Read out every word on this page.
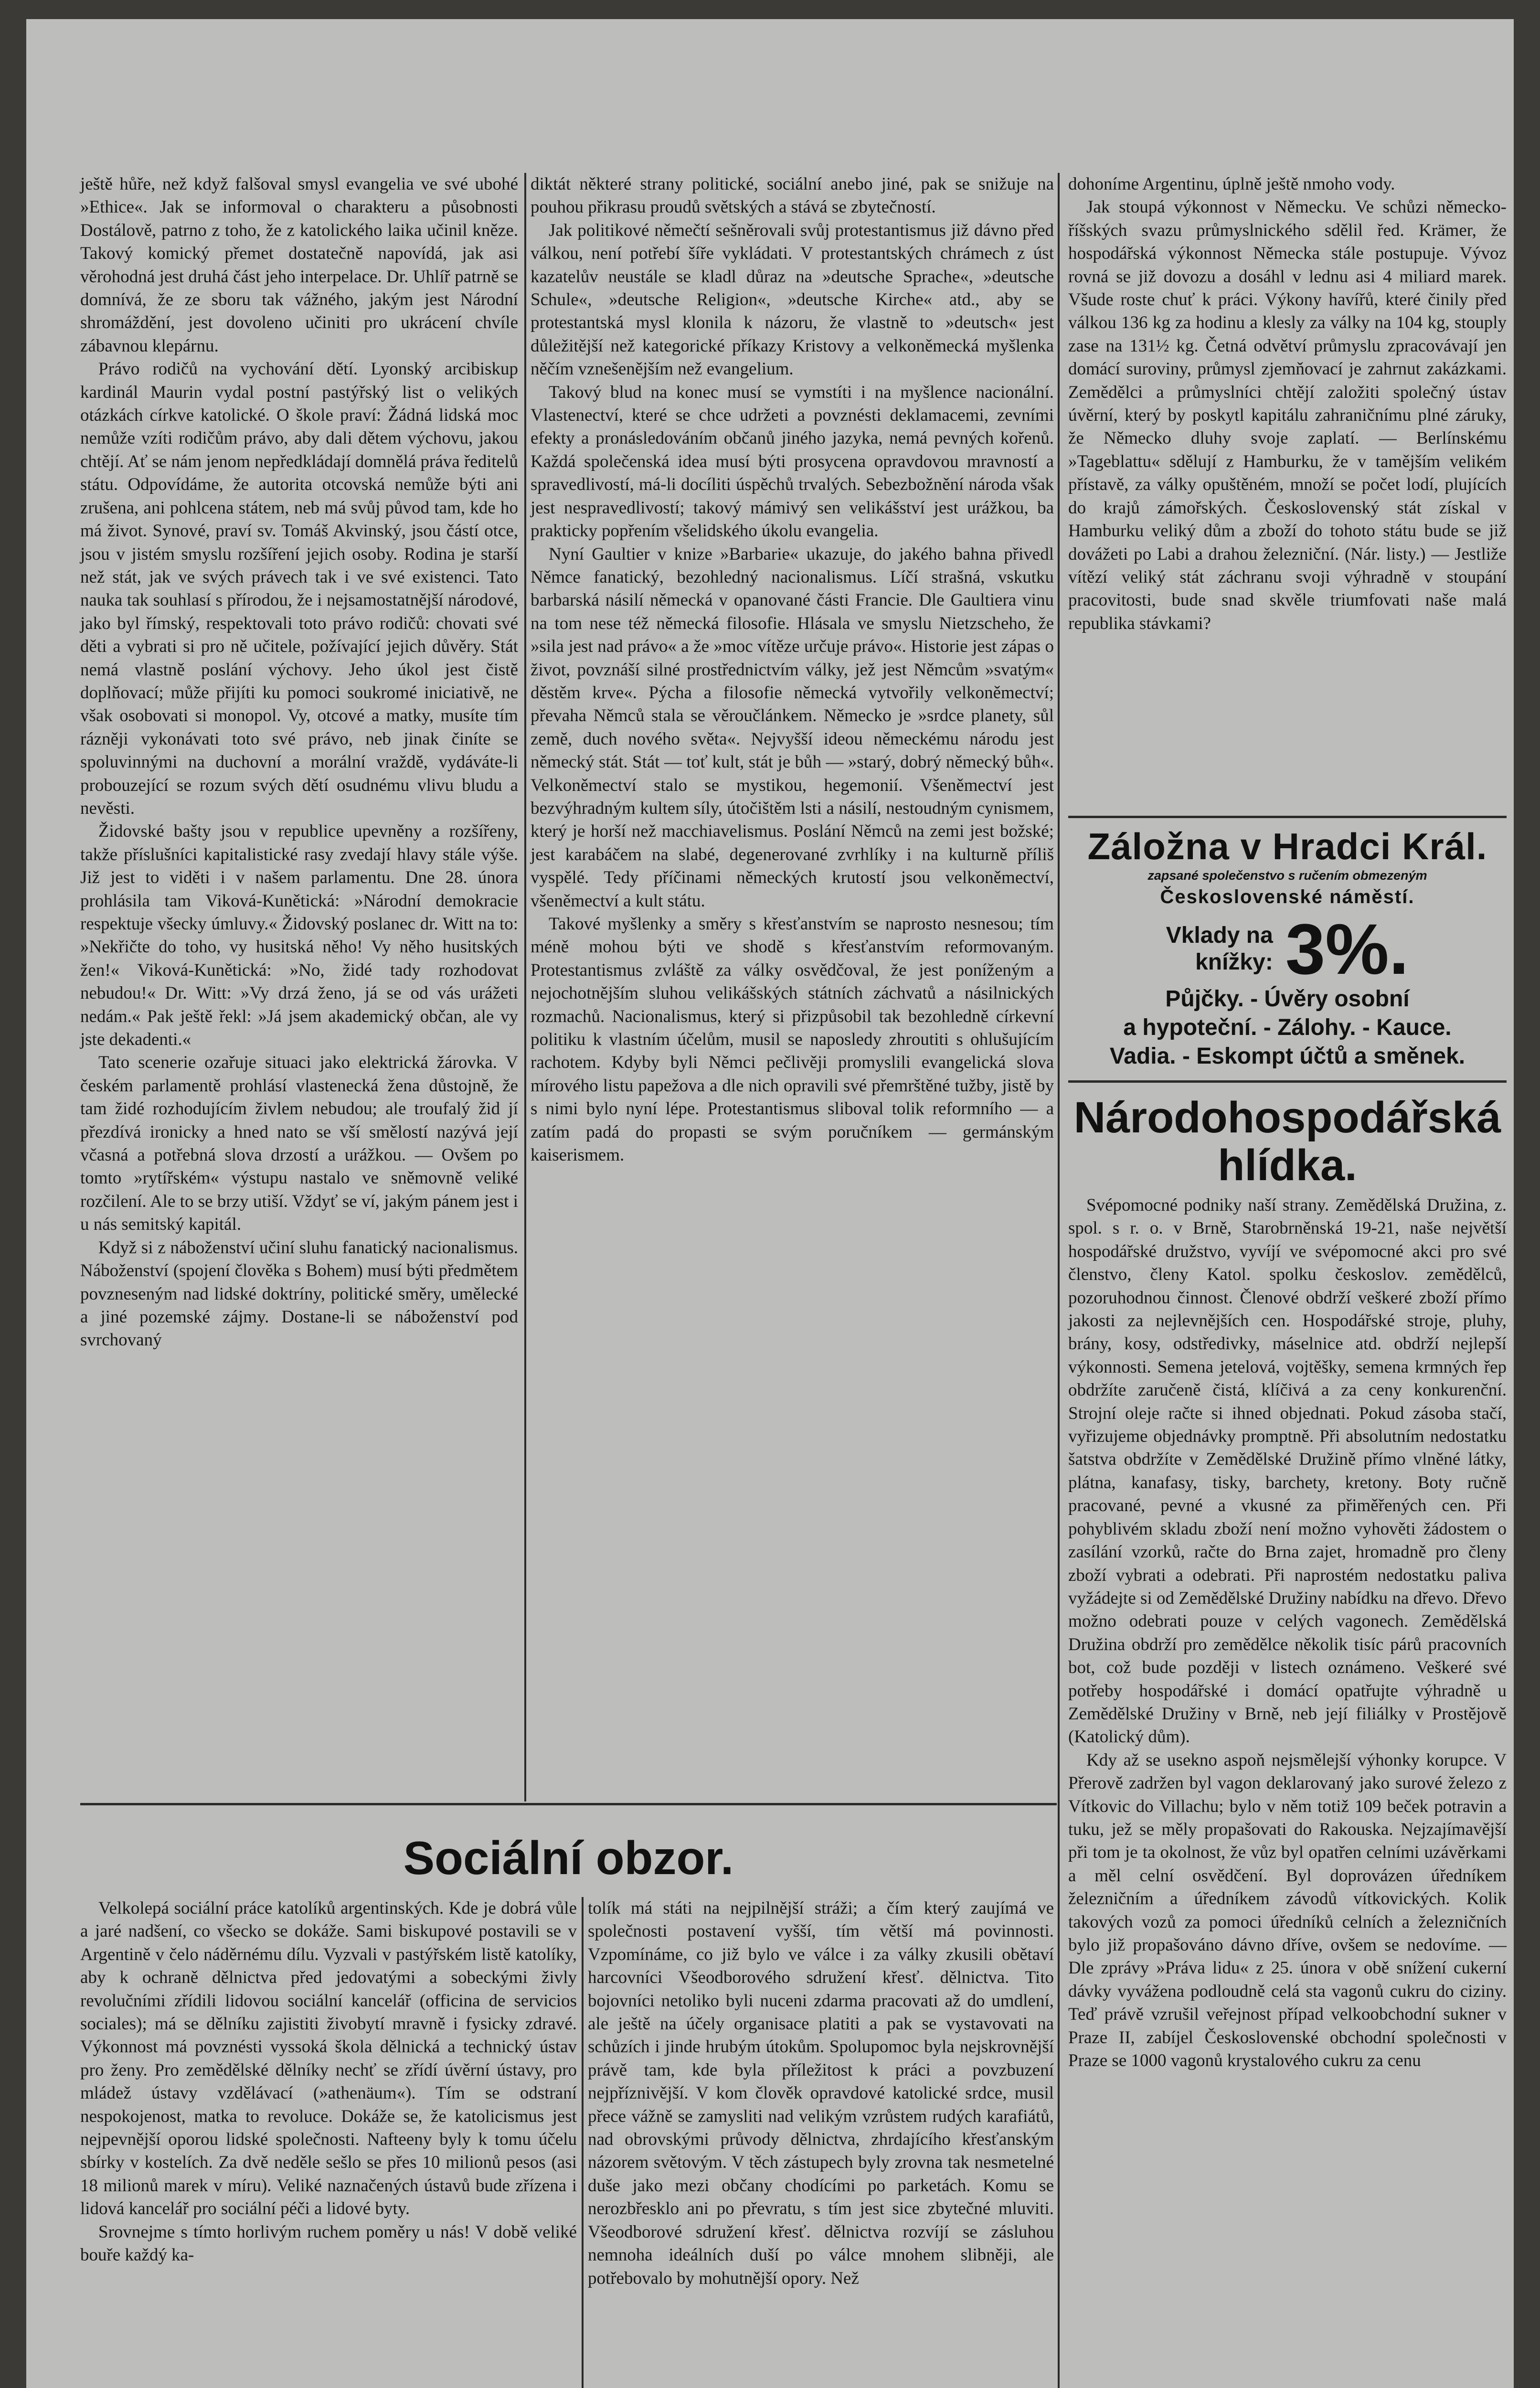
ještě hůře, než když falšoval smysl evangelia ve své ubohé »Ethice«. Jak se informoval o charakteru a působnosti Dostálově, patrno z toho, že z katolického laika učinil kněze. Takový komický přemet dostatečně napovídá, jak asi věrohodná jest druhá část jeho interpelace. Dr. Uhlíř patrně se domnívá, že ze sboru tak vážného, jakým jest Národní shromáždění, jest dovoleno učiniti pro ukrácení chvíle zábavnou klepárnu.

Právo rodičů na vychování dětí. Lyonský arcibiskup kardinál Maurin vydal postní pastýřský list o velikých otázkách církve katolické. O škole praví: Žádná lidská moc nemůže vzíti rodičům právo, aby dali dětem výchovu, jakou chtějí. Ať se nám jenom nepředkládají domnělá práva ředitelů státu. Odpovídáme, že autorita otcovská nemůže býti ani zrušena, ani pohlcena státem, neb má svůj původ tam, kde ho má život. Synové, praví sv. Tomáš Akvinský, jsou částí otce, jsou v jistém smyslu rozšíření jejich osoby. Rodina je starší než stát, jak ve svých právech tak i ve své existenci. Tato nauka tak souhlasí s přírodou, že i nejsamostatnější národové, jako byl římský, respektovali toto právo rodičů: chovati své děti a vybrati si pro ně učitele, požívající jejich důvěry. Stát nemá vlastně poslání výchovy. Jeho úkol jest čistě doplňovací; může přijíti ku pomoci soukromé iniciativě, ne však osobovati si monopol. Vy, otcové a matky, musíte tím rázněji vykonávati toto své právo, neb jinak činíte se spoluvinnými na duchovní a morální vraždě, vydáváte-li probouzející se rozum svých dětí osudnému vlivu bludu a nevěsti.

Židovské bašty jsou v republice upevněny a rozšířeny, takže příslušníci kapitalistické rasy zvedají hlavy stále výše. Již jest to viděti i v našem parlamentu. Dne 28. února prohlásila tam Viková-Kunětická: »Národní demokracie respektuje všecky úmluvy.« Židovský poslanec dr. Witt na to: »Nekřičte do toho, vy husitská něho! Vy něho husitských žen!« Viková-Kunětická: »No, židé tady rozhodovat nebudou!« Dr. Witt: »Vy drzá ženo, já se od vás urážeti nedám.« Pak ještě řekl: »Já jsem akademický občan, ale vy jste dekadenti.«

Tato scenerie ozařuje situaci jako elektrická žárovka. V českém parlamentě prohlásí vlastenecká žena důstojně, že tam židé rozhodujícím živlem nebudou; ale troufalý žid jí přezdívá ironicky a hned nato se vší smělostí nazývá její včasná a potřebná slova drzostí a urážkou. — Ovšem po tomto »rytířském« výstupu nastalo ve sněmovně veliké rozčilení. Ale to se brzy utiší. Vždyť se ví, jakým pánem jest i u nás semitský kapitál.

Když si z náboženství učiní sluhu fanatický nacionalismus. Náboženství (spojení člověka s Bohem) musí býti předmětem povzneseným nad lidské doktríny, politické směry, umělecké a jiné pozemské zájmy. Dostane-li se náboženství pod svrchovaný

diktát některé strany politické, sociální anebo jiné, pak se snižuje na pouhou přikrasu proudů světských a stává se zbytečností.

Jak politikové němečtí sešněrovali svůj protestantismus již dávno před válkou, není potřebí šíře vykládati. V protestantských chrámech z úst kazatelův neustále se kladl důraz na »deutsche Sprache«, »deutsche Schule«, »deutsche Religion«, »deutsche Kirche« atd., aby se protestantská mysl klonila k názoru, že vlastně to »deutsch« jest důležitější než kategorické příkazy Kristovy a velkoněmecká myšlenka něčím vznešenějším než evangelium.

Takový blud na konec musí se vymstíti i na myšlence nacionální. Vlastenectví, které se chce udržeti a povznésti deklamacemi, zevními efekty a pronásledováním občanů jiného jazyka, nemá pevných kořenů. Každá společenská idea musí býti prosycena opravdovou mravností a spravedlivostí, má-li docíliti úspěchů trvalých. Sebezbožnění národa však jest nespravedlivostí; takový mámivý sen velikášství jest urážkou, ba prakticky popřením všelidského úkolu evangelia.

Nyní Gaultier v knize »Barbarie« ukazuje, do jakého bahna přivedl Němce fanatický, bezohledný nacionalismus. Líčí strašná, vskutku barbarská násilí německá v opanované části Francie. Dle Gaultiera vinu na tom nese též německá filosofie. Hlásala ve smyslu Nietzscheho, že »sila jest nad právo« a že »moc vítěze určuje právo«. Historie jest zápas o život, povznáší silné prostřednictvím války, jež jest Němcům »svatým« děstěm krve«. Pýcha a filosofie německá vytvořily velkoněmectví; převaha Němců stala se věroučlánkem. Německo je »srdce planety, sůl země, duch nového světa«. Nejvyšší ideou německému národu jest německý stát. Stát — toť kult, stát je bůh — »starý, dobrý německý bůh«. Velkoněmectví stalo se mystikou, hegemonií. Všeněmectví jest bezvýhradným kultem síly, útočištěm lsti a násilí, nestoudným cynismem, který je horší než macchiavelismus. Poslání Němců na zemi jest božské; jest karabáčem na slabé, degenerované zvrhlíky i na kulturně příliš vyspělé. Tedy příčinami německých krutostí jsou velkoněmectví, všeněmectví a kult státu.

Takové myšlenky a směry s křesťanstvím se naprosto nesnesou; tím méně mohou býti ve shodě s křesťanstvím reformovaným. Protestantismus zvláště za války osvědčoval, že jest poníženým a nejochotnějším sluhou velikášských státních záchvatů a násilnických rozmachů. Nacionalismus, který si přizpůsobil tak bezohledně církevní politiku k vlastním účelům, musil se naposledy zhroutiti s ohlušujícím rachotem. Kdyby byli Němci pečlivěji promyslili evangelická slova mírového listu papežova a dle nich opravili své přemrštěné tužby, jistě by s nimi bylo nyní lépe. Protestantismus sliboval tolik reformního — a zatím padá do propasti se svým poručníkem — germánským kaiserismem.

dohoníme Argentinu, úplně ještě nmoho vody.

Jak stoupá výkonnost v Německu. Ve schůzi německo-říšských svazu průmyslnického sdělil řed. Krämer, že hospodářská výkonnost Německa stále postupuje. Vývoz rovná se již dovozu a dosáhl v lednu asi 4 miliard marek. Všude roste chuť k práci. Výkony havířů, které činily před válkou 136 kg za hodinu a klesly za války na 104 kg, stouply zase na 131½ kg. Četná odvětví průmyslu zpracovávají jen domácí suroviny, průmysl zjemňovací je zahrnut zakázkami. Zemědělci a průmyslníci chtějí založiti společný ústav úvěrní, který by poskytl kapitálu zahraničnímu plné záruky, že Německo dluhy svoje zaplatí. — Berlínskému »Tageblattu« sdělují z Hamburku, že v tamějším velikém přístavě, za války opuštěném, množí se počet lodí, plujících do krajů zámořských. Československý stát získal v Hamburku veliký dům a zboží do tohoto státu bude se již dovážeti po Labi a drahou železniční. (Nár. listy.) — Jestliže vítězí veliký stát záchranu svoji výhradně v stoupání pracovitosti, bude snad skvěle triumfovati naše malá republika stávkami?

Záložna v Hradci Král.
zapsané společenstvo s ručením obmezeným
Československé náměstí.
Vklady na
knížky: 3%.
Půjčky. - Úvěry osobní
a hypoteční. - Zálohy. - Kauce.
Vadia. - Eskompt účtů a směnek.
Národohospodářská
hlídka.

Svépomocné podniky naší strany. Zemědělská Družina, z. spol. s r. o. v Brně, Starobrněnská 19-21, naše největší hospodářské družstvo, vyvíjí ve svépomocné akci pro své členstvo, členy Katol. spolku českoslov. zemědělců, pozoruhodnou činnost. Členové obdrží veškeré zboží přímo jakosti za nejlevnějších cen. Hospodářské stroje, pluhy, brány, kosy, odstředivky, máselnice atd. obdrží nejlepší výkonnosti. Semena jetelová, vojtěšky, semena krmných řep obdržíte zaručeně čistá, klíčivá a za ceny konkurenční. Strojní oleje račte si ihned objednati. Pokud zásoba stačí, vyřizujeme objednávky promptně. Při absolutním nedostatku šatstva obdržíte v Zemědělské Družině přímo vlněné látky, plátna, kanafasy, tisky, barchety, kretony. Boty ručně pracované, pevné a vkusné za přiměřených cen. Při pohyblivém skladu zboží není možno vyhověti žádostem o zasílání vzorků, račte do Brna zajet, hromadně pro členy zboží vybrati a odebrati. Při naprostém nedostatku paliva vyžádejte si od Zemědělské Družiny nabídku na dřevo. Dřevo možno odebrati pouze v celých vagonech. Zemědělská Družina obdrží pro zemědělce několik tisíc párů pracovních bot, což bude později v listech oznámeno. Veškeré své potřeby hospodářské i domácí opatřujte výhradně u Zemědělské Družiny v Brně, neb její filiálky v Prostějově (Katolický dům).

Kdy až se usekno aspoň nejsmělejší výhonky korupce. V Přerově zadržen byl vagon deklarovaný jako surové železo z Vítkovic do Villachu; bylo v něm totiž 109 beček potravin a tuku, jež se měly propašovati do Rakouska. Nejzajímavější při tom je ta okolnost, že vůz byl opatřen celními uzávěrkami a měl celní osvědčení. Byl doprovázen úředníkem železničním a úředníkem závodů vítkovických. Kolik takových vozů za pomoci úředníků celních a železničních bylo již propašováno dávno dříve, ovšem se nedovíme. — Dle zprávy »Práva lidu« z 25. února v obě snížení cukerní dávky vyvážena podloudně celá sta vagonů cukru do ciziny. Teď právě vzrušil veřejnost případ velkoobchodní sukner v Praze II, zabíjel Československé obchodní společnosti v Praze se 1000 vagonů krystalového cukru za cenu

Sociální obzor.

Velkolepá sociální práce katolíků argentinských. Kde je dobrá vůle a jaré nadšení, co všecko se dokáže. Sami biskupové postavili se v Argentině v čelo náděrnému dílu. Vyzvali v pastýřském listě katolíky, aby k ochraně dělnictva před jedovatými a sobeckými živly revolučními zřídili lidovou sociální kancelář (officina de servicios sociales); má se dělníku zajistiti živobytí mravně i fysicky zdravé. Výkonnost má povznésti vyssoká škola dělnická a technický ústav pro ženy. Pro zemědělské dělníky nechť se zřídí úvěrní ústavy, pro mládež ústavy vzdělávací (»athenäum«). Tím se odstraní nespokojenost, matka to revoluce. Dokáže se, že katolicismus jest nejpevnější oporou lidské společnosti. Nafteeny byly k tomu účelu sbírky v kostelích. Za dvě neděle sešlo se přes 10 milionů pesos (asi 18 milionů marek v míru). Veliké naznačených ústavů bude zřízena i lidová kancelář pro sociální péči a lidové byty.

Srovnejme s tímto horlivým ruchem poměry u nás! V době veliké bouře každý ka-

tolík má státi na nejpilnější stráži; a čím který zaujímá ve společnosti postavení vyšší, tím větší má povinnosti. Vzpomínáme, co již bylo ve válce i za války zkusili obětaví harcovníci Všeodborového sdružení křesť. dělnictva. Tito bojovníci netoliko byli nuceni zdarma pracovati až do umdlení, ale ještě na účely organisace platiti a pak se vystavovati na schůzích i jinde hrubým útokům. Spolupomoc byla nejskrovnější právě tam, kde byla příležitost k práci a povzbuzení nejpříznivější. V kom člověk opravdové katolické srdce, musil přece vážně se zamysliti nad velikým vzrůstem rudých karafiátů, nad obrovskými průvody dělnictva, zhrdajícího křesťanským názorem světovým. V těch zástupech byly zrovna tak nesmetelné duše jako mezi občany chodícími po parketách. Komu se nerozbřesklo ani po převratu, s tím jest sice zbytečné mluviti. Všeodborové sdružení křesť. dělnictva rozvíjí se zásluhou nemnoha ideálních duší po válce mnohem slibněji, ale potřebovalo by mohutnější opory. Než
